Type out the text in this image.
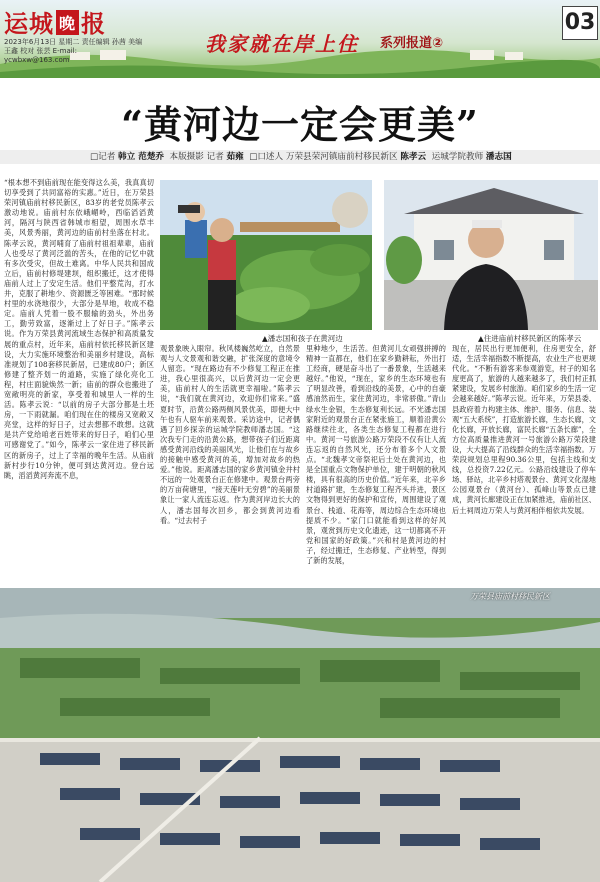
运城 晚 报
2023年6月13日 星期二 责任编辑 孙茜 美编 王鑫 校对 张芸 E-mail: ycwbxw@163.com
我家就在岸上住 系列报道②
03
“黄河边一定会更美”
□记者 韩立 范楚乔 本版摄影 记者 茹雍 □口述人 万荣县荣河镇庙前村移民新区 陈孝云 运城学院教师 潘志国
“根本想不到庙前现在能变得这么美，我真真切切享受到了共同富裕的实惠。”近日，在万荣县荣河镇庙前村移民新区，83岁的老党员陈孝云激动地说。庙前村东依峨嵋岭，西临滔滔黄河，隔河与陕西省韩城市相望，周围水草丰美，风景秀丽，黄河边的庙前村坐落在村北。陈孝云说，黄河哺育了庙前村祖祖辈辈，庙前人也受尽了黄河泛滥的苦头，在他的记忆中就有多次受灾，但故土难离。中华人民共和国成立后，庙前村修堤建坝，组织搬迁，这才使得庙前人过上了安定生活。他们平整荒沟，打水井，克服了耕地少、资源匮乏等困难。“那时候村里的水浇地很少，大部分是旱地，收成不稳定。庙前人凭着一股不服输的劲头，外出务工，勤劳致富，逐渐过上了好日子。”陈孝云说。作为万荣县黄河流域生态保护和高质量发展的重点村，近年来，庙前村依托移民新区建设，大力实施环境整治和美丽乡村建设，高标准规划了108套移民新居，已建成80户；新区修建了整齐划一的道路，实施了绿化亮化工程，村庄面貌焕然一新；庙前的群众也搬进了宽敞明亮的新家，享受着和城里人一样的生活。陈孝云说：“以前的房子大部分都是土坯房，一下雨就漏。咱们现在住的楼房又宽敞又亮堂，这样的好日子，过去想都不敢想。这就是共产党给咱老百姓带来的好日子，咱们心里可感谢党了。”如今，陈孝云一家住进了移民新区的新房子，过上了幸福的晚年生活。从庙前新村步行10分钟，便可到达黄河边。登台远眺，滔滔黄河奔流不息，
▲潘志国和孩子在黄河边	▲住进庙前村移民新区的陈孝云
观景象映入眼帘。秋风楼巍然屹立，自然景观与人文景观和谐交融，扩张深度的意境令人留恋。“现在路边有不少修复工程正在推进，我心里很高兴，以后黄河边一定会更美，庙前村人的生活就更幸福啦。”陈孝云说，“我们就在黄河边，欢迎你们常来。”盛夏时节，沿黄公路两侧风景优美，即便大中午也有人驱车前来观景。采访途中，记者偶遇了回乡探亲的运城学院教师潘志国。“这次我专门走的沿黄公路，想带孩子们近距离感受黄河沿线的美丽风光，让他们在与故乡的接触中感受黄河的美，增加对故乡的热爱。”他说。距离潘志国的家乡黄河镇金井村不远的一处观景台正在修建中。观景台两旁的万亩荷塘里，“接天莲叶无穷碧”的美丽景象让一家人流连忘返。作为黄河岸边长大的人，潘志国每次回乡，都会到黄河边看看。“过去村子
里种地少，生活苦。但黄河儿女顽强拼搏的精神一直都在，他们在家乡勤耕耘，外出打工经商，硬是奋斗出了一番景象，生活越来越好。”他说，“现在，家乡的生态环境也有了明显改善，看到沿线的美景，心中的自豪感油然而生，家住黄河边，非常骄傲。”青山绿水生金银，生态修复利长远。不光潘志国家附近的观景台正在紧张施工，顺着沿黄公路继续往北，各类生态修复工程都在进行中。黄河一号旅游公路万荣段不仅有让人流连忘返的自然风光，还分布着多个人文景点。“北魏孝文帝祭祀后土处在黄河边，也是全国重点文物保护单位，建于明朝的秋风楼，具有很高的历史价值。”近年来，北辛乡村道路扩建，生态修复工程齐头并进，景区文物得到更好的保护和宣传，周围建设了观景台、栈道、花海等，周边综合生态环境也提质不少。“家门口就能看到这样的好风景，观赏到历史文化遗迹，这一切都离不开党和国家的好政策。”兴和村是黄河边的村子，经过搬迁，生态修复、产业转型，得到了新的发展，
现在，居民出行更加便利，住房更安全，舒适，生活幸福指数不断提高，农业生产也更规代化。“不断有游客来参观游览，村子的知名度更高了，旅游的人越来越多了，我们村正抓紧建设，发展乡村旅游。咱们家乡的生活一定会越来越好。”陈孝云说。近年来，万荣县委、县政府着力构建主体、维护、服务、信息、装观“五大系统”，打造旅游长廊，生态长廊，文化长廊，开放长廊，富民长廊“五条长廊”，全方位高质量推进黄河一号旅游公路万荣段建设，大大提高了沿线群众的生活幸福指数。万荣段规划总里程90.36公里，包括主线和支线，总投资7.22亿元。公路沿线建设了停车场、驿站，北辛乡村塔观景台、黄河文化湿地公园观景台（黄河台）、孤峰山等景点已建成，黄河长廊建设正在加紧推进，庙前社区、后土祠周边万荣人与黄河相伴相依共发展。
万荣县庙前村移民新区
